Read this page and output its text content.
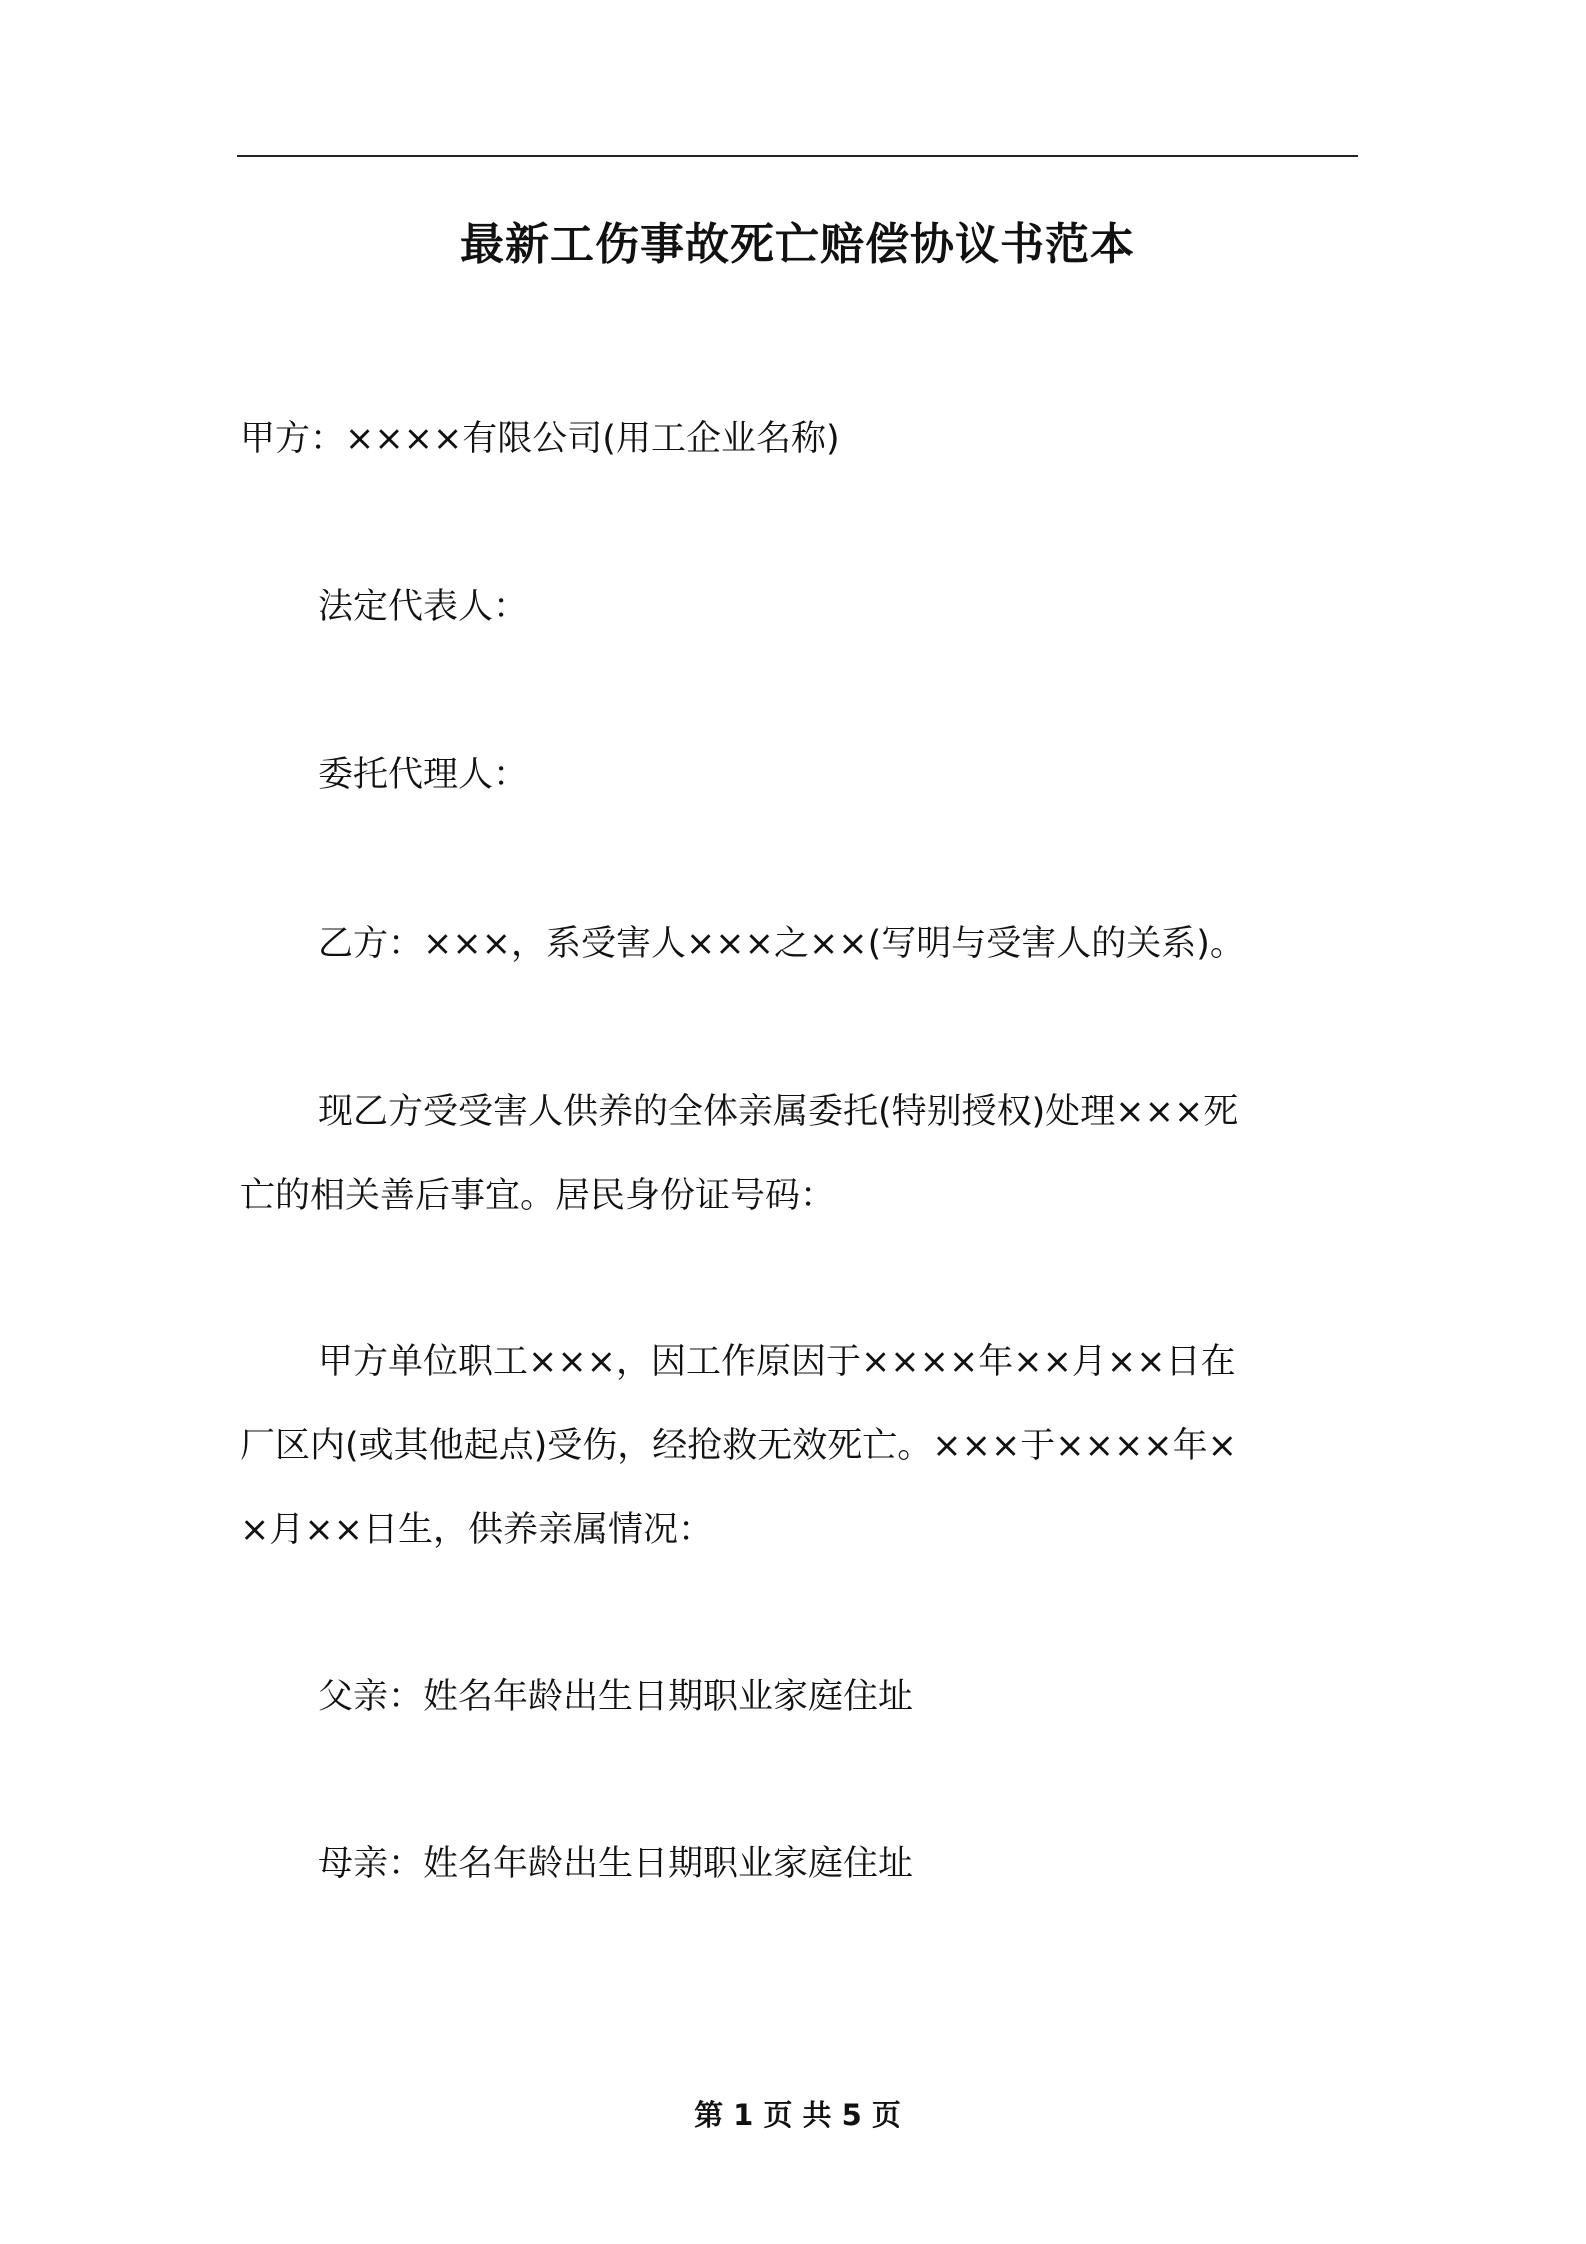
最新工伤事故死亡赔偿协议书范本
甲方：××××有限公司(用工企业名称)
法定代表人：
委托代理人：
乙方：×××，系受害人×××之××(写明与受害人的关系)。
现乙方受受害人供养的全体亲属委托(特别授权)处理×××死
亡的相关善后事宜。居民身份证号码：
甲方单位职工×××，因工作原因于××××年××月××日在
厂区内(或其他起点)受伤，经抢救无效死亡。×××于××××年×
×月××日生，供养亲属情况：
父亲：姓名年龄出生日期职业家庭住址
母亲：姓名年龄出生日期职业家庭住址
第 1 页 共 5 页
